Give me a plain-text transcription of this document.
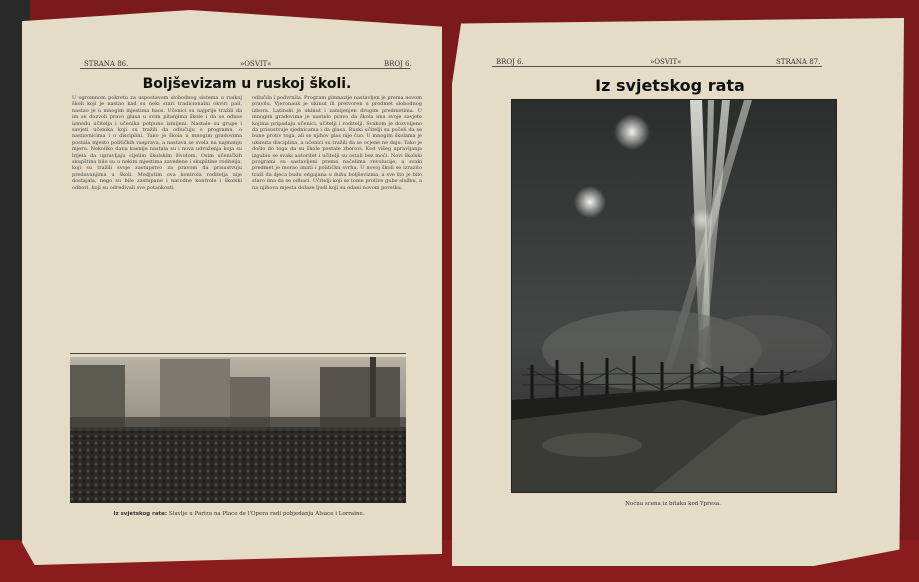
STRANA 86.	»OSVIT«	BROJ 6.
Boljševizam u ruskoj školi.
U ogromnom pokretu za uspostavom slobodnog sistema u ruskoj školi koji je nastao kad su neki stari tradicionalni okviri pali, nastao je u mnogim mjestima haos. Učenici su najprije tražili da im se dozvoli pravo glasa u svim pitanjima škole i da se odnos između učitelja i učenika potpuno izmijeni. Nastale su grupe i savjeti učenika koji su tražili da odlučuju o programu, o nastavnicima i o disciplini. Tako je škola u mnogim gradovima postala mjesto političkih rasprava, a nastava se svela na najmanju mjeru. Nekoliko dana kasnije nastala su i nova udruženja koja su htjela da upravljaju cijelim školskim životom. Osim učeničkih skupština bile su u nekim mjestima zavedene i skupštine roditelja, koji su tražili svoje zastupstvo za pravom da prisustvuju predavanjima u školi. Medjutim ova kontrola roditelja nije dostajala, nego su bile zastupane i narodne kontrole i školski odbori, koji su određivali sve potankosti.
odlučila i podvrnila. Program gimnazije nastavljen je prema novom pravilu. Vjeronauk je ukinut ili pretvoren u predmet slobodnog izbora. Latinski je ukinut i zamijenjen drugim predmetima. U mnogim gradovima je nastalo pravo da škola ima svoje savjete kojima pripadaju učenici, učitelji i roditelji. Svakom je dozvoljeno da prisustvuje sjednicama i da glasa. Ruski učitelji su počeli da se bune protiv toga, ali se njihov glas nije čuo. U mnogim školama je ukinuta disciplina, a učenici su tražili da se ocjene ne daju. Tako je došlo do toga da su škole postale zborovi. Kod višeg upravljanja izgubio se svaki autoritet i učitelji su ostali bez moći. Novi školski programi su sastavljeni prema načelima revolucije, a svaki predmet je morao imati i političku svrhu. U novoj školi se izrazito traži da djeca budu odgajana u duhu boljševizma, a sve što je bilo staro ima da se odbaci. Učitelji koji se tome protive gube službu, a na njihova mjesta dolaze ljudi koji su odani novom poretku.
Iz svjetskog rata: Slavlje u Parizu na Place de l'Opera radi pobjedanja Alsace i Lorraine.
BROJ 6.	»OSVIT«	STRANA 87.
Iz svjetskog rata
Noćna scena iz bitaka kod Ypresa.
